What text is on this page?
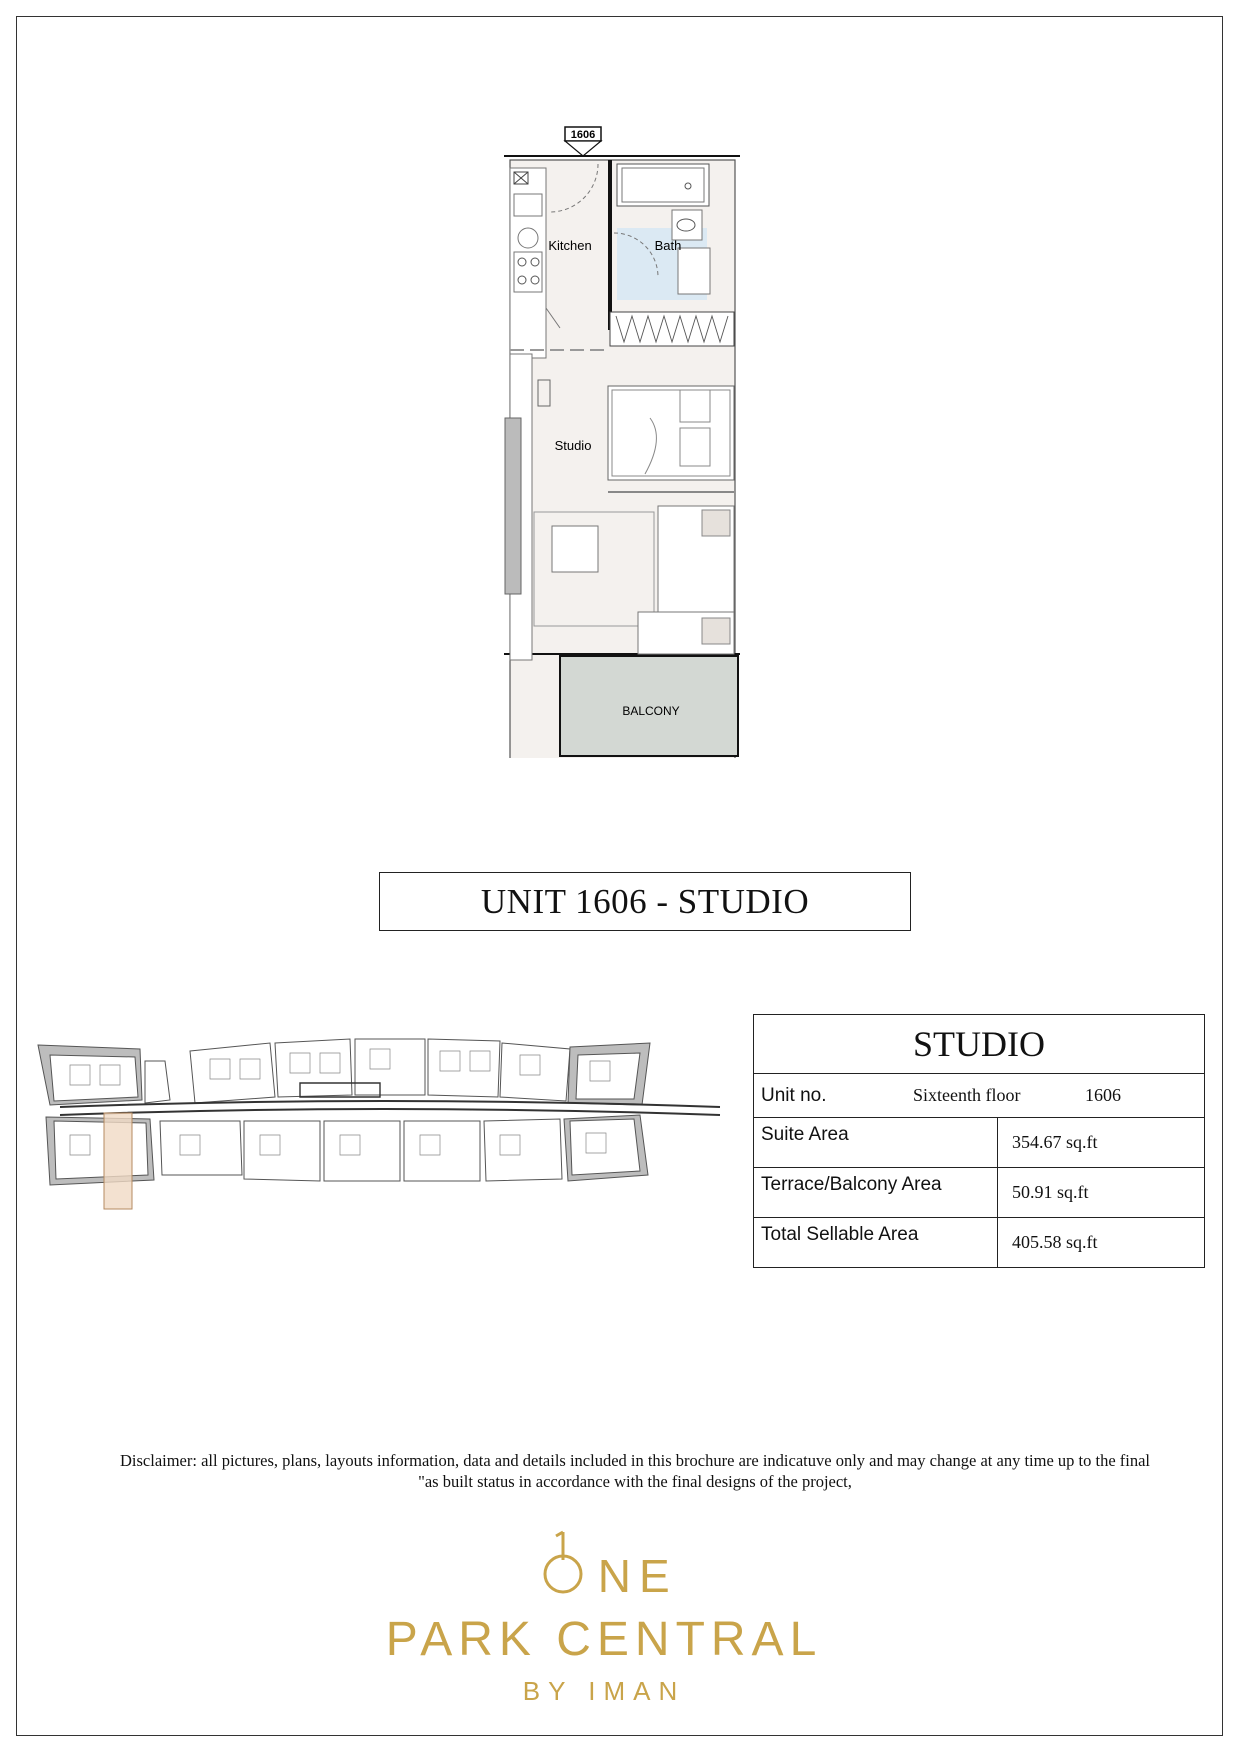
1606
Kitchen	Bath
Studio
BALCONY
UNIT 1606 - STUDIO
STUDIO	

Unit no. Sixteenth floor 1606	

Suite Area	354.67 sq.ft
Terrace/Balcony Area	50.91 sq.ft
Total Sellable Area	405.58 sq.ft
Disclaimer: all pictures, plans, layouts information, data and details included in this brochure are indicatuve only and may change at any time up to the final
"as built status in accordance with the final designs of the project,
ONE
PARK CENTRAL
BY IMAN
